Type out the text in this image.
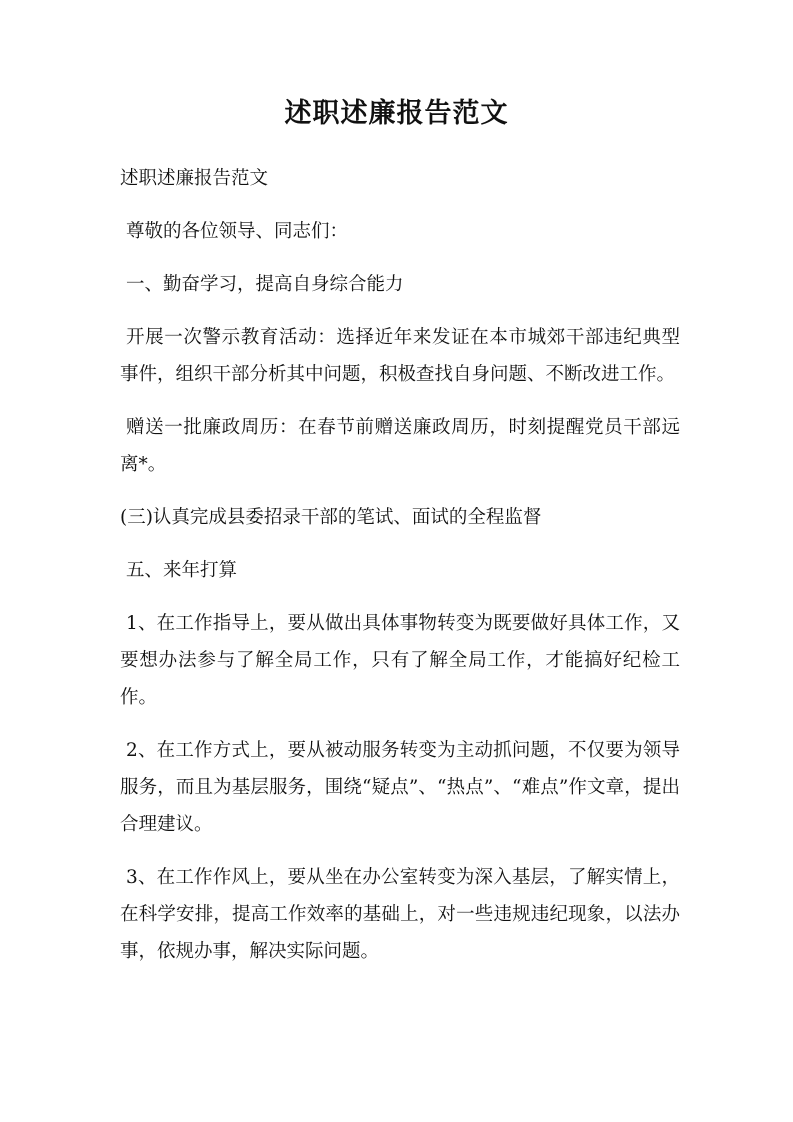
述职述廉报告范文

述职述廉报告范文

尊敬的各位领导、同志们：

一、勤奋学习，提高自身综合能力

开展一次警示教育活动：选择近年来发证在本市城郊干部违纪典型事件，组织干部分析其中问题，积极查找自身问题、不断改进工作。

赠送一批廉政周历：在春节前赠送廉政周历，时刻提醒党员干部远离*。

(三)认真完成县委招录干部的笔试、面试的全程监督

五、来年打算

1、在工作指导上，要从做出具体事物转变为既要做好具体工作，又要想办法参与了解全局工作，只有了解全局工作，才能搞好纪检工作。

2、在工作方式上，要从被动服务转变为主动抓问题，不仅要为领导服务，而且为基层服务，围绕“疑点”、“热点”、“难点”作文章，提出合理建议。

3、在工作作风上，要从坐在办公室转变为深入基层，了解实情上，在科学安排，提高工作效率的基础上，对一些违规违纪现象，以法办事，依规办事，解决实际问题。
